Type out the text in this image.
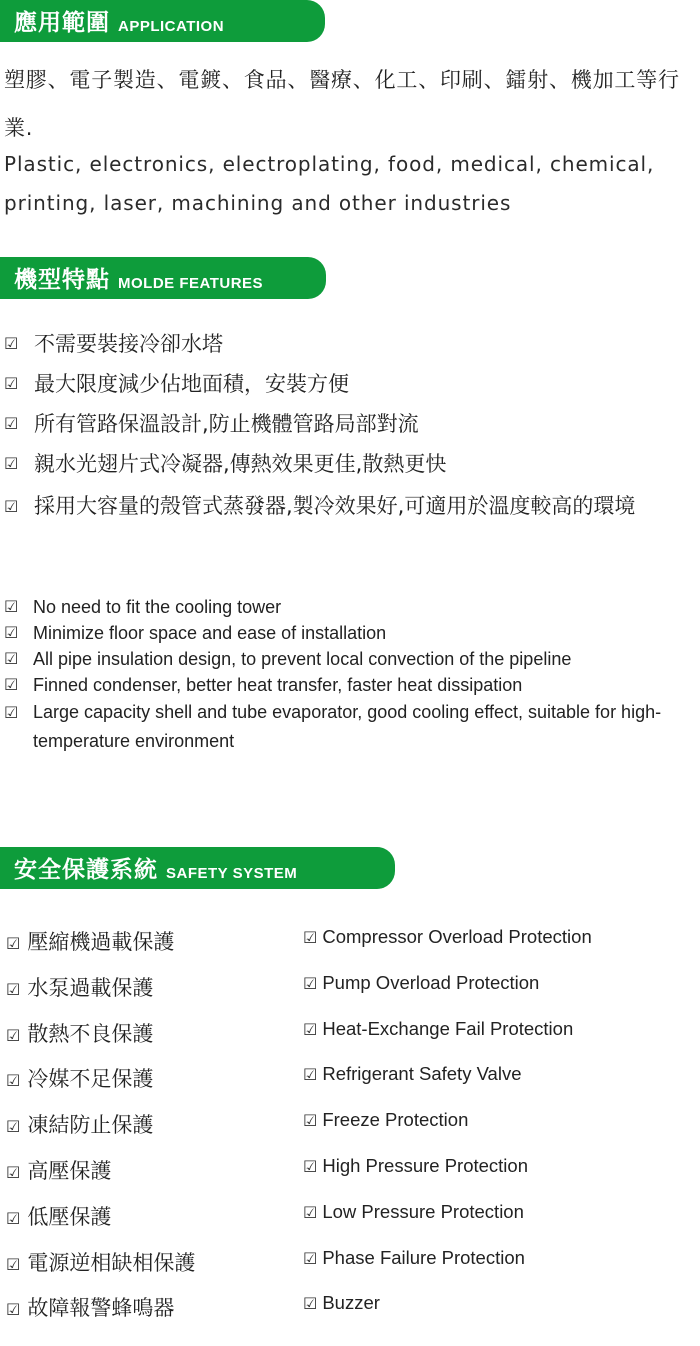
應用範圍 APPLICATION
塑膠、電子製造、電鍍、食品、醫療、化工、印刷、鐳射、機加工等行業.
Plastic, electronics, electroplating, food, medical, chemical, printing, laser, machining and other industries
機型特點 MOLDE FEATURES
☑ 不需要裝接冷卻水塔
☑ 最大限度減少佔地面積，安裝方便
☑ 所有管路保溫設計,防止機體管路局部對流
☑ 親水光翅片式冷凝器,傳熱效果更佳,散熱更快
☑ 採用大容量的殼管式蒸發器,製冷效果好,可適用於溫度較高的環境
☑ No need to fit the cooling tower
☑ Minimize floor space and ease of installation
☑ All pipe insulation design, to prevent local convection of the pipeline
☑ Finned condenser, better heat transfer, faster heat dissipation
☑ Large capacity shell and tube evaporator, good cooling effect, suitable for high-temperature environment
安全保護系統 SAFETY SYSTEM
☑ 壓縮機過載保護
☑ 水泵過載保護
☑ 散熱不良保護
☑ 冷媒不足保護
☑ 凍結防止保護
☑ 高壓保護
☑ 低壓保護
☑ 電源逆相缺相保護
☑ 故障報警蜂鳴器
☑ Compressor Overload Protection
☑ Pump Overload Protection
☑ Heat-Exchange Fail Protection
☑ Refrigerant Safety Valve
☑ Freeze Protection
☑ High Pressure Protection
☑ Low Pressure Protection
☑ Phase Failure Protection
☑ Buzzer
